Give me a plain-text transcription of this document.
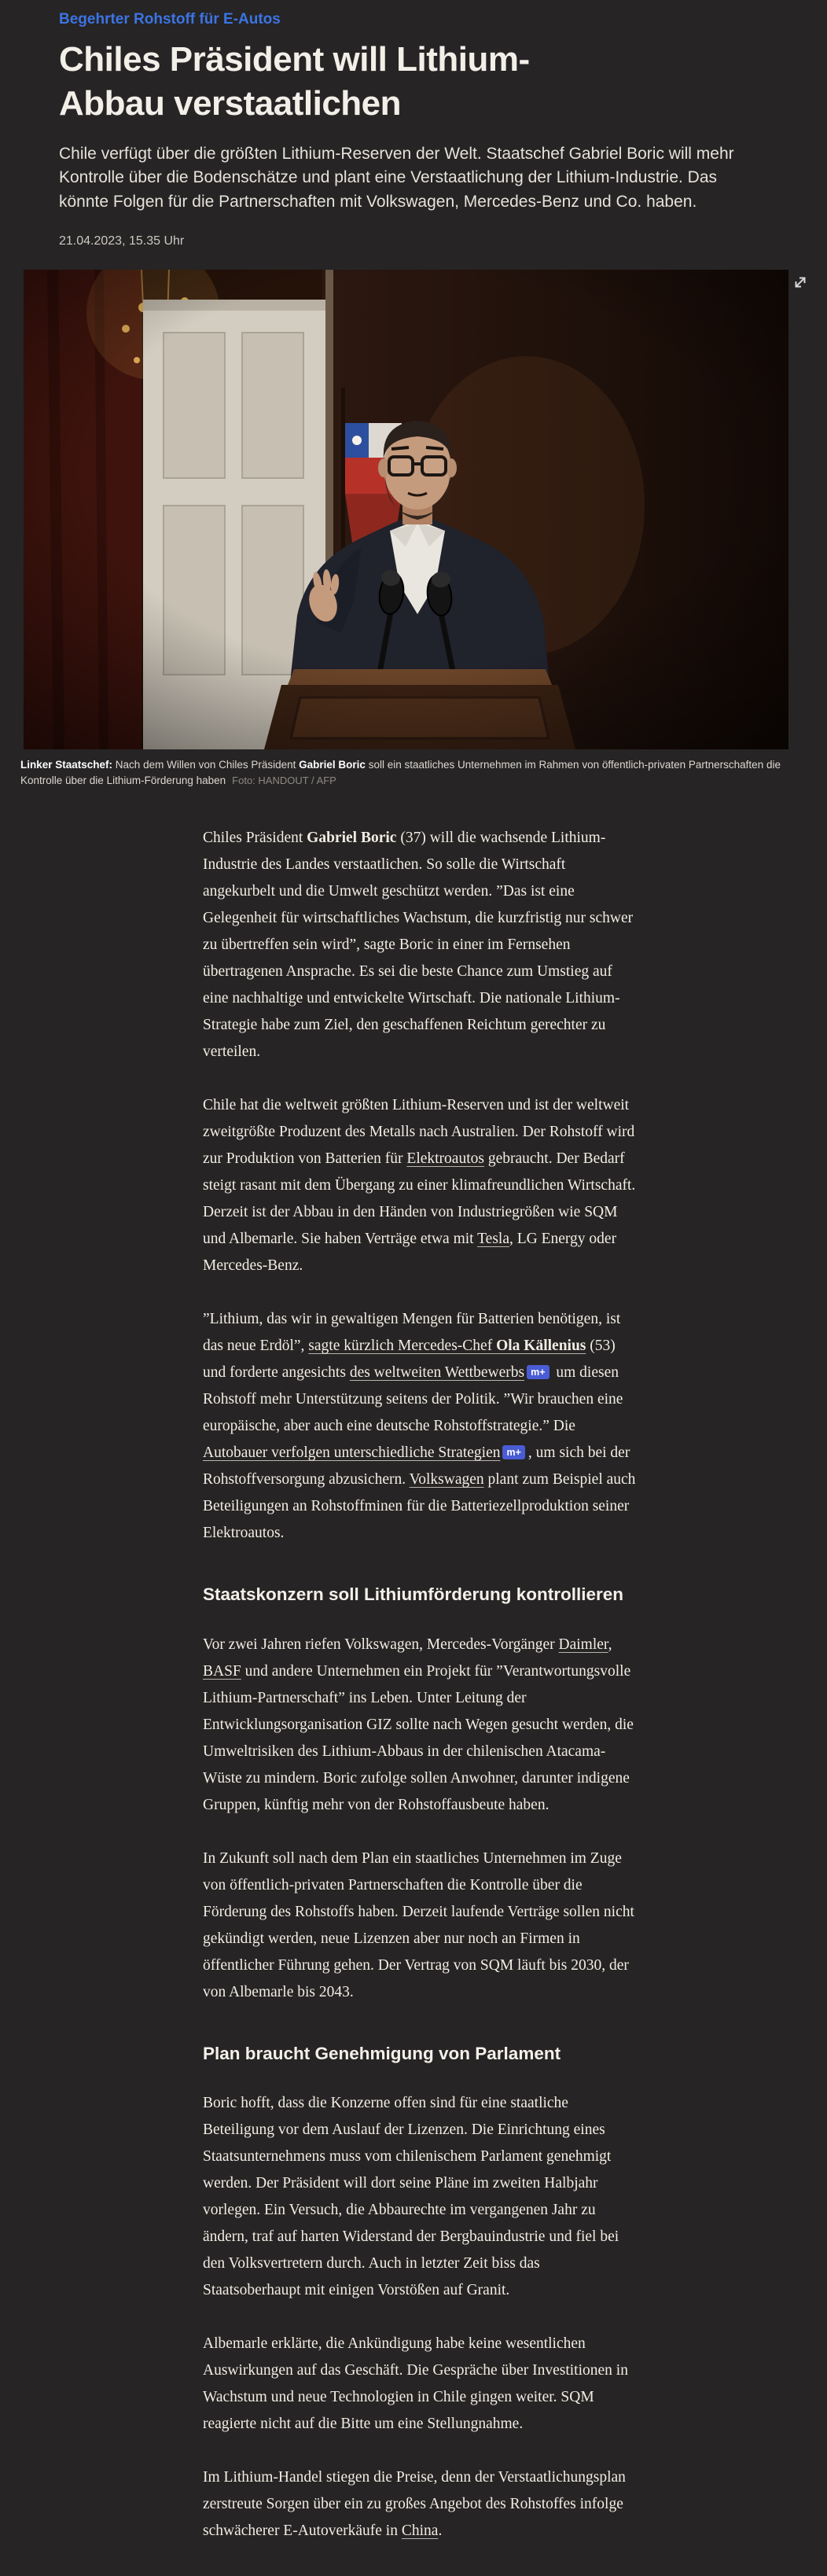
Begehrter Rohstoff für E-Autos
Chiles Präsident will Lithium-Abbau verstaatlichen

Chile verfügt über die größten Lithium-Reserven der Welt. Staatschef Gabriel Boric will mehr Kontrolle über die Bodenschätze und plant eine Verstaatlichung der Lithium-Industrie. Das könnte Folgen für die Partnerschaften mit Volkswagen, Mercedes-Benz und Co. haben.

21.04.2023, 15.35 Uhr
Linker Staatschef: Nach dem Willen von Chiles Präsident Gabriel Boric soll ein staatliches Unternehmen im Rahmen von öffentlich-privaten Partnerschaften die Kontrolle über die Lithium-Förderung haben Foto: HANDOUT / AFP

Chiles Präsident Gabriel Boric (37) will die wachsende Lithium-Industrie des Landes verstaatlichen. So solle die Wirtschaft angekurbelt und die Umwelt geschützt werden. ”Das ist eine Gelegenheit für wirtschaftliches Wachstum, die kurzfristig nur schwer zu übertreffen sein wird”, sagte Boric in einer im Fernsehen übertragenen Ansprache. Es sei die beste Chance zum Umstieg auf eine nachhaltige und entwickelte Wirtschaft. Die nationale Lithium-Strategie habe zum Ziel, den geschaffenen Reichtum gerechter zu verteilen.

Chile hat die weltweit größten Lithium-Reserven und ist der weltweit zweitgrößte Produzent des Metalls nach Australien. Der Rohstoff wird zur Produktion von Batterien für Elektroautos gebraucht. Der Bedarf steigt rasant mit dem Übergang zu einer klimafreundlichen Wirtschaft. Derzeit ist der Abbau in den Händen von Industriegrößen wie SQM und Albemarle. Sie haben Verträge etwa mit Tesla, LG Energy oder Mercedes-Benz.

”Lithium, das wir in gewaltigen Mengen für Batterien benötigen, ist das neue Erdöl”, sagte kürzlich Mercedes-Chef Ola Källenius (53) und forderte angesichts des weltweiten Wettbewerbs m+ um diesen Rohstoff mehr Unterstützung seitens der Politik. ”Wir brauchen eine europäische, aber auch eine deutsche Rohstoffstrategie.” Die Autobauer verfolgen unterschiedliche Strategien m+ , um sich bei der Rohstoffversorgung abzusichern. Volkswagen plant zum Beispiel auch Beteiligungen an Rohstoffminen für die Batteriezellproduktion seiner Elektroautos.

Staatskonzern soll Lithiumförderung kontrollieren

Vor zwei Jahren riefen Volkswagen, Mercedes-Vorgänger Daimler, BASF und andere Unternehmen ein Projekt für ”Verantwortungsvolle Lithium-Partnerschaft” ins Leben. Unter Leitung der Entwicklungsorganisation GIZ sollte nach Wegen gesucht werden, die Umweltrisiken des Lithium-Abbaus in der chilenischen Atacama-Wüste zu mindern. Boric zufolge sollen Anwohner, darunter indigene Gruppen, künftig mehr von der Rohstoffausbeute haben.

In Zukunft soll nach dem Plan ein staatliches Unternehmen im Zuge von öffentlich-privaten Partnerschaften die Kontrolle über die Förderung des Rohstoffs haben. Derzeit laufende Verträge sollen nicht gekündigt werden, neue Lizenzen aber nur noch an Firmen in öffentlicher Führung gehen. Der Vertrag von SQM läuft bis 2030, der von Albemarle bis 2043.

Plan braucht Genehmigung von Parlament

Boric hofft, dass die Konzerne offen sind für eine staatliche Beteiligung vor dem Auslauf der Lizenzen. Die Einrichtung eines Staatsunternehmens muss vom chilenischem Parlament genehmigt werden. Der Präsident will dort seine Pläne im zweiten Halbjahr vorlegen. Ein Versuch, die Abbaurechte im vergangenen Jahr zu ändern, traf auf harten Widerstand der Bergbauindustrie und fiel bei den Volksvertretern durch. Auch in letzter Zeit biss das Staatsoberhaupt mit einigen Vorstößen auf Granit.

Albemarle erklärte, die Ankündigung habe keine wesentlichen Auswirkungen auf das Geschäft. Die Gespräche über Investitionen in Wachstum und neue Technologien in Chile gingen weiter. SQM reagierte nicht auf die Bitte um eine Stellungnahme.

Im Lithium-Handel stiegen die Preise, denn der Verstaatlichungsplan zerstreute Sorgen über ein zu großes Angebot des Rohstoffes infolge schwächerer E-Autoverkäufe in China.
